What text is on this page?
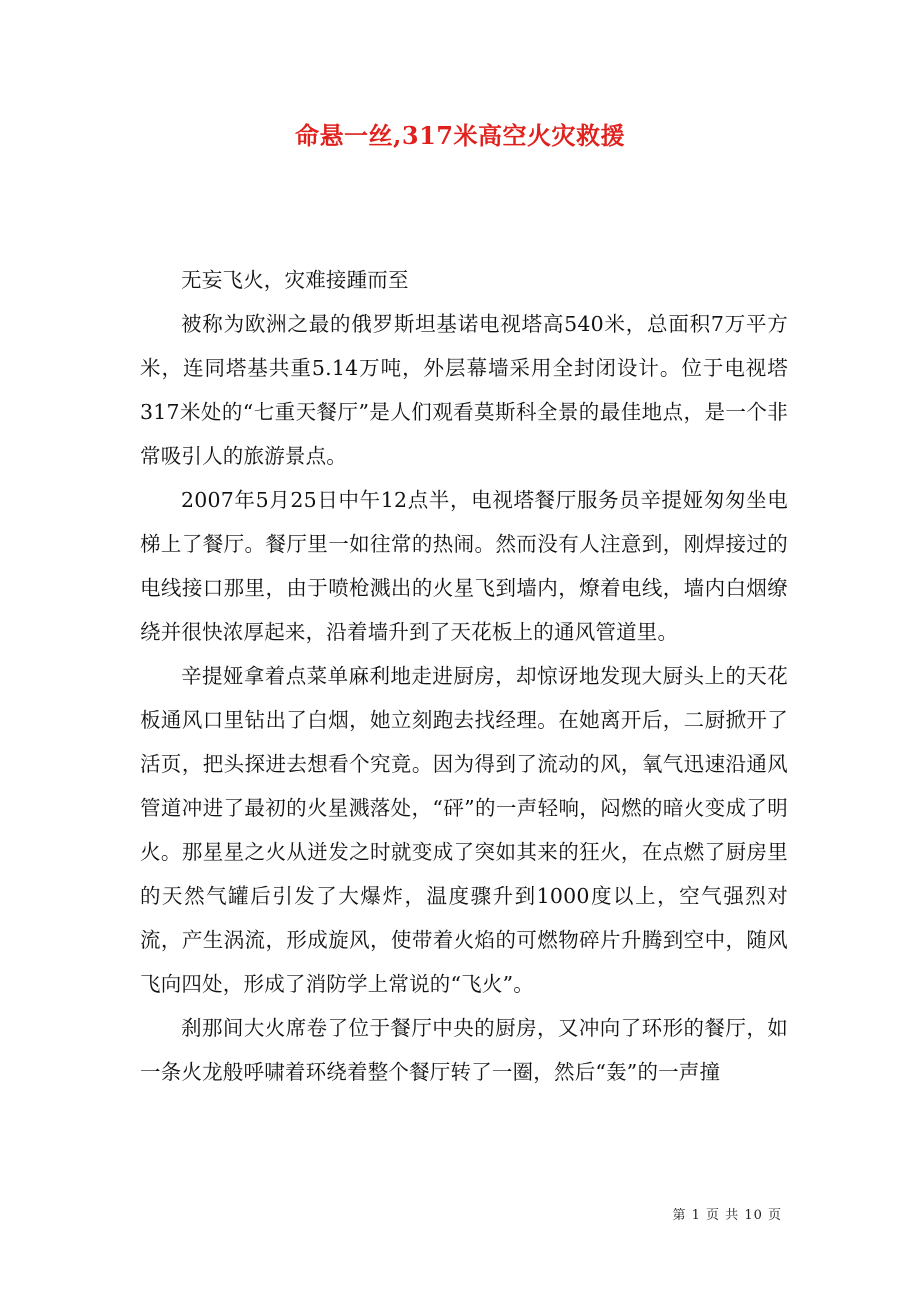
命悬一丝,317米高空火灾救援

无妄飞火，灾难接踵而至

被称为欧洲之最的俄罗斯坦基诺电视塔高540米，总面积7万平方米，连同塔基共重5.14万吨，外层幕墙采用全封闭设计。位于电视塔317米处的“七重天餐厅”是人们观看莫斯科全景的最佳地点，是一个非常吸引人的旅游景点。

2007年5月25日中午12点半，电视塔餐厅服务员辛提娅匆匆坐电梯上了餐厅。餐厅里一如往常的热闹。然而没有人注意到，刚焊接过的电线接口那里，由于喷枪溅出的火星飞到墙内，燎着电线，墙内白烟缭绕并很快浓厚起来，沿着墙升到了天花板上的通风管道里。

辛提娅拿着点菜单麻利地走进厨房，却惊讶地发现大厨头上的天花板通风口里钻出了白烟，她立刻跑去找经理。在她离开后，二厨掀开了活页，把头探进去想看个究竟。因为得到了流动的风，氧气迅速沿通风管道冲进了最初的火星溅落处，“砰”的一声轻响，闷燃的暗火变成了明火。那星星之火从迸发之时就变成了突如其来的狂火，在点燃了厨房里的天然气罐后引发了大爆炸，温度骤升到1000度以上，空气强烈对流，产生涡流，形成旋风，使带着火焰的可燃物碎片升腾到空中，随风飞向四处，形成了消防学上常说的“飞火”。

刹那间大火席卷了位于餐厅中央的厨房，又冲向了环形的餐厅，如一条火龙般呼啸着环绕着整个餐厅转了一圈，然后“轰”的一声撞

第 1 页 共 10 页
